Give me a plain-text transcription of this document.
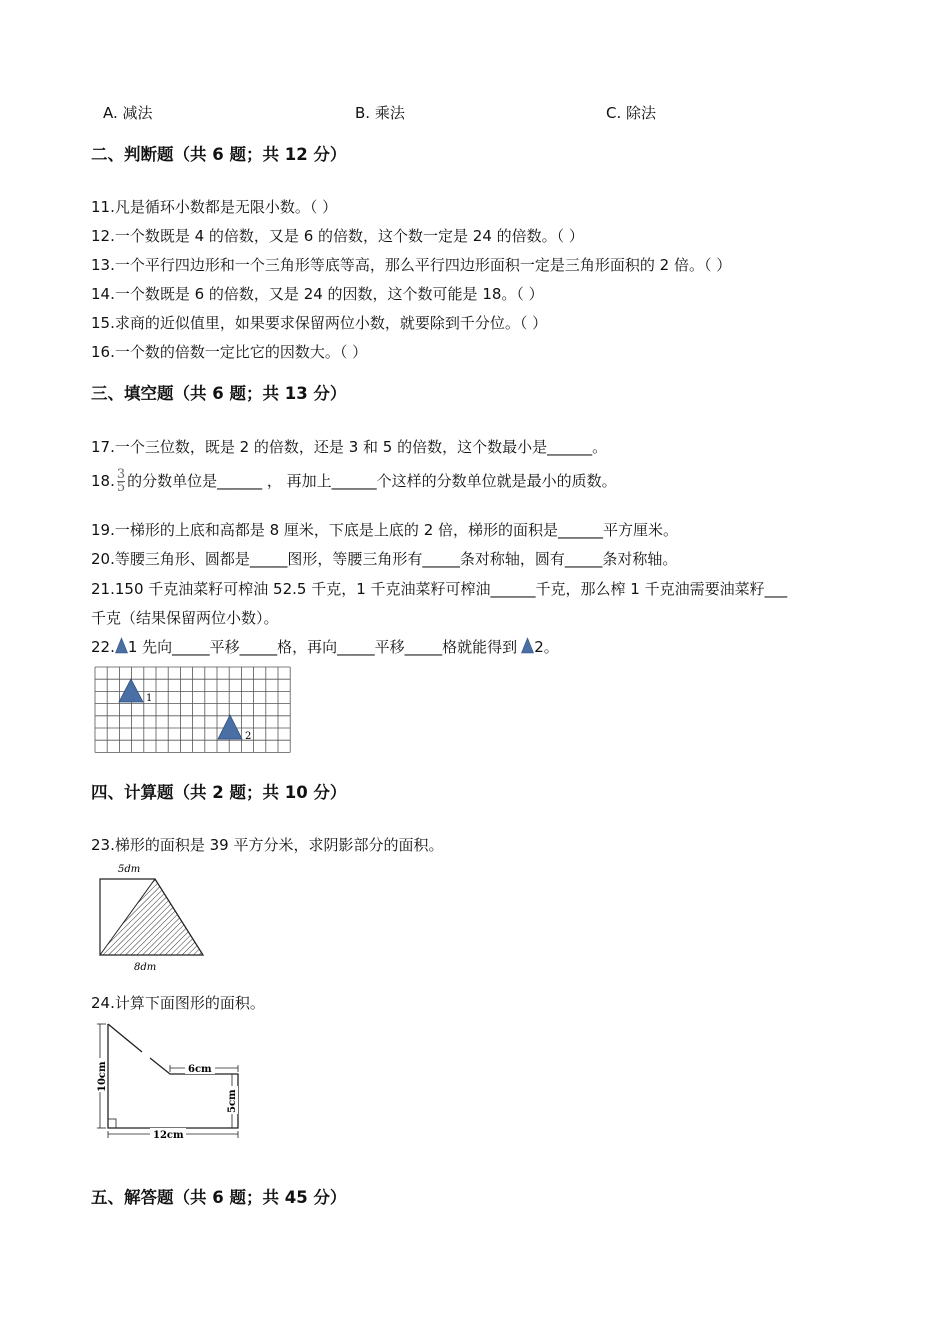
A. 减法	B. 乘法	C. 除法
二、判断题（共 6 题；共 12 分）
11.凡是循环小数都是无限小数。（ ）
12.一个数既是 4 的倍数，又是 6 的倍数，这个数一定是 24 的倍数。（ ）
13.一个平行四边形和一个三角形等底等高，那么平行四边形面积一定是三角形面积的 2 倍。（ ）
14.一个数既是 6 的倍数，又是 24 的因数，这个数可能是 18。（ ）
15.求商的近似值里，如果要求保留两位小数，就要除到千分位。（ ）
16.一个数的倍数一定比它的因数大。（ ）
三、填空题（共 6 题；共 13 分）
17.一个三位数，既是 2 的倍数，还是 3 和 5 的倍数，这个数最小是______。
18. $\frac{3}{5}$ 的分数单位是______ ， 再加上______个这样的分数单位就是最小的质数。
19.一梯形的上底和高都是 8 厘米，下底是上底的 2 倍，梯形的面积是______平方厘米。
20.等腰三角形、圆都是_____图形，等腰三角形有_____条对称轴，圆有_____条对称轴。
21.150 千克油菜籽可榨油 52.5 千克，1 千克油菜籽可榨油______千克，那么榨 1 千克油需要油菜籽___
千克（结果保留两位小数）。
22. 1 先向_____平移_____格，再向_____平移_____格就能得到 2。
1
2
四、计算题（共 2 题；共 10 分）
23.梯形的面积是 39 平方分米，求阴影部分的面积。
5dm
8dm
24.计算下面图形的面积。
10cm	6cm
5cm
12cm
五、解答题（共 6 题；共 45 分）
